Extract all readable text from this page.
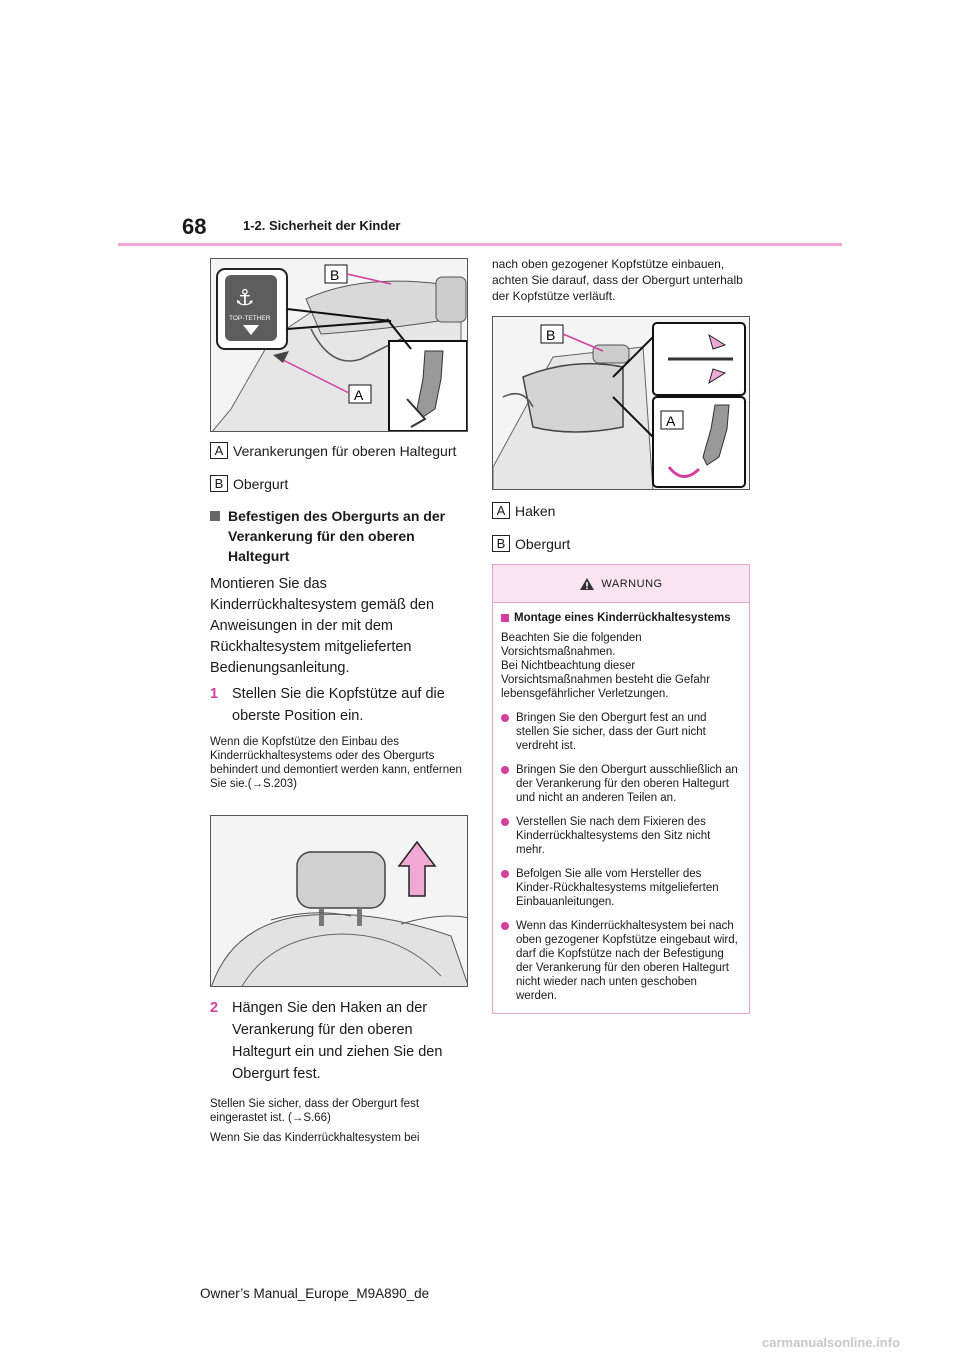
68	1-2. Sicherheit der Kinder
⚓
TOP-TETHER
B
A
A Verankerungen für oberen Haltegurt
B Obergurt
Befestigen des Obergurts an der Verankerung für den oberen Haltegurt
Montieren Sie das Kinderrückhaltesystem gemäß den Anweisungen in der mit dem Rückhaltesystem mitgelieferten Bedienungsanleitung.
1 Stellen Sie die Kopfstütze auf die oberste Position ein.
Wenn die Kopfstütze den Einbau des Kinderrückhaltesystems oder des Obergurts behindert und demontiert werden kann, entfernen Sie sie.(→S.203)
2 Hängen Sie den Haken an der Verankerung für den oberen Haltegurt ein und ziehen Sie den Obergurt fest.
Stellen Sie sicher, dass der Obergurt fest eingerastet ist. (→S.66)
Wenn Sie das Kinderrückhaltesystem bei
nach oben gezogener Kopfstütze einbauen, achten Sie darauf, dass der Obergurt unterhalb der Kopfstütze verläuft.
B
A
A Haken
B Obergurt
WARNUNG
Montage eines Kinderrückhaltesystems
Beachten Sie die folgenden Vorsichtsmaßnahmen.
Bei Nichtbeachtung dieser Vorsichtsmaßnahmen besteht die Gefahr lebensgefährlicher Verletzungen.
Bringen Sie den Obergurt fest an und stellen Sie sicher, dass der Gurt nicht verdreht ist.
Bringen Sie den Obergurt ausschließlich an der Verankerung für den oberen Haltegurt und nicht an anderen Teilen an.
Verstellen Sie nach dem Fixieren des Kinderrückhaltesystems den Sitz nicht mehr.
Befolgen Sie alle vom Hersteller des Kinder-Rückhaltesystems mitgelieferten Einbauanleitungen.
Wenn das Kinderrückhaltesystem bei nach oben gezogener Kopfstütze eingebaut wird, darf die Kopfstütze nach der Befestigung der Verankerung für den oberen Haltegurt nicht wieder nach unten geschoben werden.
Owner’s Manual_Europe_M9A890_de
carmanualsonline.info
